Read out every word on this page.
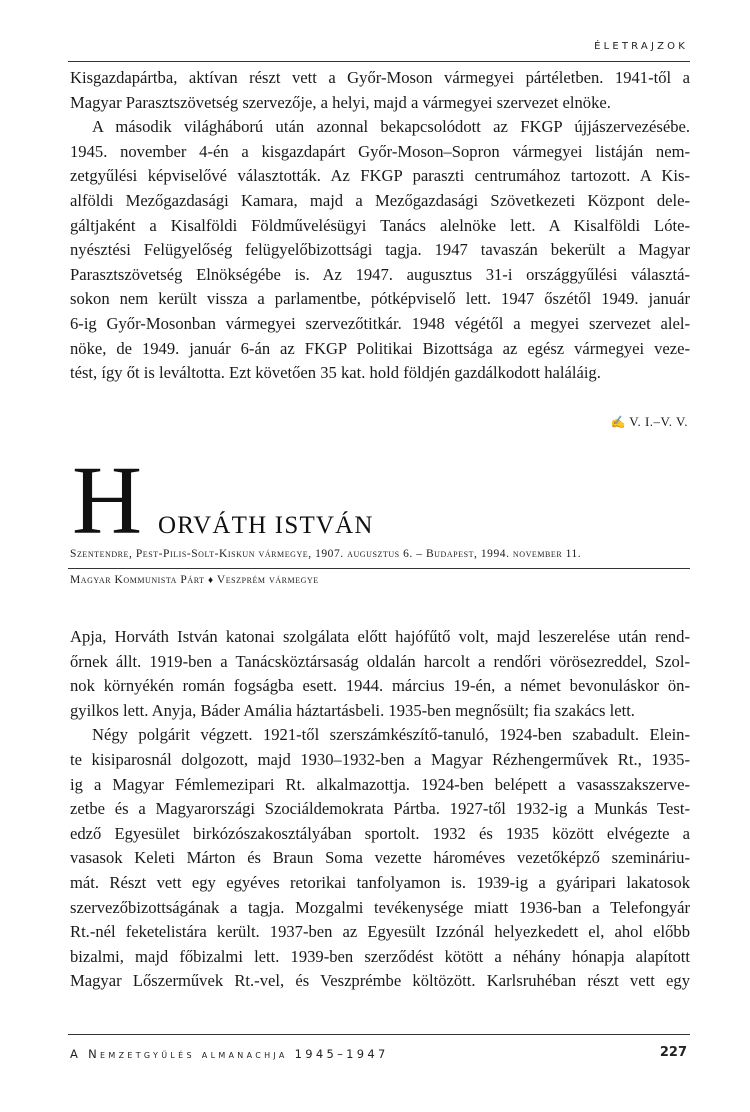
ÉLETRAJZOK

Kisgazdapártba, aktívan részt vett a Győr-Moson vármegyei pártéletben. 1941-től a
Magyar Parasztszövetség szervezője, a helyi, majd a vármegyei szervezet elnöke.

A második világháború után azonnal bekapcsolódott az FKGP újjászervezésébe.
1945. november 4-én a kisgazdapárt Győr-Moson–Sopron vármegyei listáján nem-
zetgyűlési képviselővé választották. Az FKGP paraszti centrumához tartozott. A Kis-
alföldi Mezőgazdasági Kamara, majd a Mezőgazdasági Szövetkezeti Központ dele-
gáltjaként a Kisalföldi Földművelésügyi Tanács alelnöke lett. A Kisalföldi Lóte-
nyésztési Felügyelőség felügyelőbizottsági tagja. 1947 tavaszán bekerült a Magyar
Parasztszövetség Elnökségébe is. Az 1947. augusztus 31-i országgyűlési választá-
sokon nem került vissza a parlamentbe, pótképviselő lett. 1947 őszétől 1949. január
6-ig Győr-Mosonban vármegyei szervezőtitkár. 1948 végétől a megyei szervezet alel-
nöke, de 1949. január 6-án az FKGP Politikai Bizottsága az egész vármegyei veze-
tést, így őt is leváltotta. Ezt követően 35 kat. hold földjén gazdálkodott haláláig.

✍ V. I.–V. V.
H ORVÁTH ISTVÁN
Szentendre, Pest-Pilis-Solt-Kiskun vármegye, 1907. augusztus 6. – Budapest, 1994. november 11.
Magyar Kommunista Párt ♦ Veszprém vármegye

Apja, Horváth István katonai szolgálata előtt hajófűtő volt, majd leszerelése után rend-
őrnek állt. 1919-ben a Tanácsköztársaság oldalán harcolt a rendőri vörösezreddel, Szol-
nok környékén román fogságba esett. 1944. március 19-én, a német bevonuláskor ön-
gyilkos lett. Anyja, Báder Amália háztartásbeli. 1935-ben megnősült; fia szakács lett.

Négy polgárit végzett. 1921-től szerszámkészítő-tanuló, 1924-ben szabadult. Elein-
te kisiparosnál dolgozott, majd 1930–1932-ben a Magyar Rézhengerművek Rt., 1935-
ig a Magyar Fémlemezipari Rt. alkalmazottja. 1924-ben belépett a vasasszakszerve-
zetbe és a Magyarországi Szociáldemokrata Pártba. 1927-től 1932-ig a Munkás Test-
edző Egyesület birkózószakosztályában sportolt. 1932 és 1935 között elvégezte a
vasasok Keleti Márton és Braun Soma vezette hároméves vezetőképző szemináriu-
mát. Részt vett egy egyéves retorikai tanfolyamon is. 1939-ig a gyáripari lakatosok
szervezőbizottságának a tagja. Mozgalmi tevékenysége miatt 1936-ban a Telefongyár
Rt.-nél feketelistára került. 1937-ben az Egyesült Izzónál helyezkedett el, ahol előbb
bizalmi, majd főbizalmi lett. 1939-ben szerződést kötött a néhány hónapja alapított
Magyar Lőszerművek Rt.-vel, és Veszprémbe költözött. Karlsruhéban részt vett egy

A Nemzetgyűlés almanachja 1945–1947	227
